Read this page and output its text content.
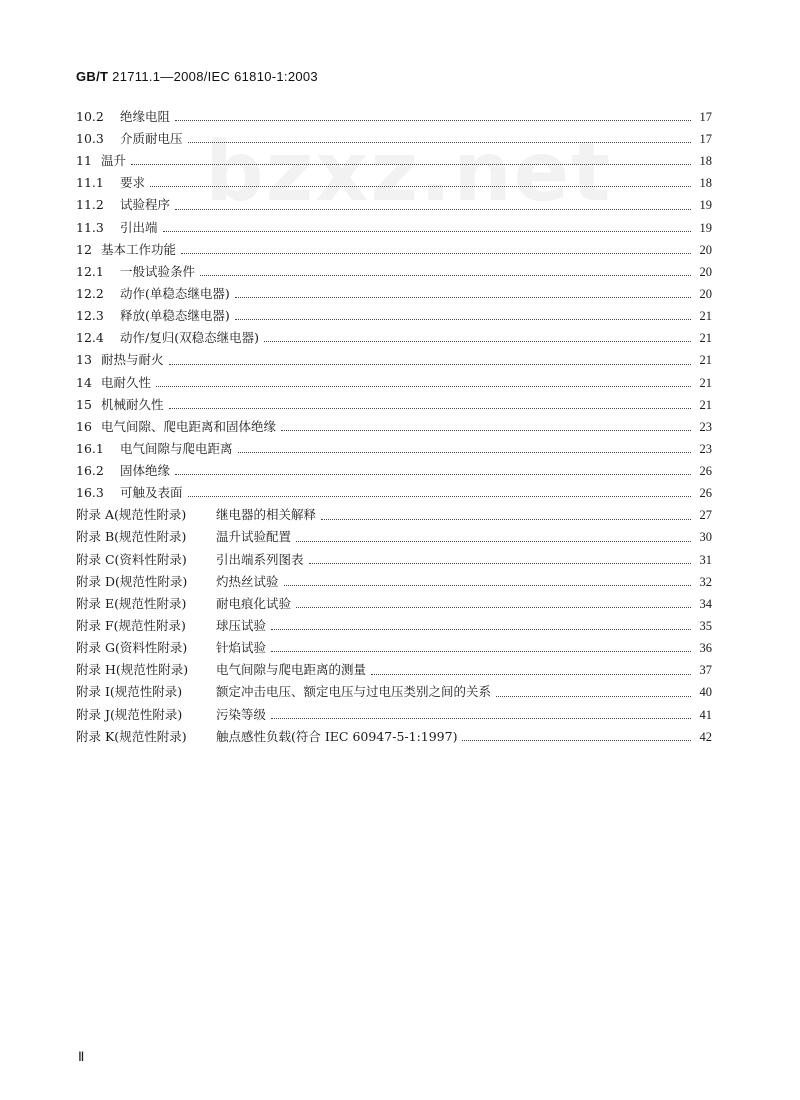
GB/T 21711.1—2008/IEC 61810-1:2003
bzxz.net
10.2	绝缘电阻	17
10.3	介质耐电压	17
11 温升	18
11.1	要求	18
11.2	试验程序	19
11.3	引出端	19
12 基本工作功能	20
12.1	一般试验条件	20
12.2	动作(单稳态继电器)	20
12.3	释放(单稳态继电器)	21
12.4	动作/复归(双稳态继电器)	21
13 耐热与耐火	21
14 电耐久性	21
15 机械耐久性	21
16 电气间隙、爬电距离和固体绝缘	23
16.1	电气间隙与爬电距离	23
16.2	固体绝缘	26
16.3	可触及表面	26
附录 A(规范性附录)	继电器的相关解释	27
附录 B(规范性附录)	温升试验配置	30
附录 C(资料性附录)	引出端系列图表	31
附录 D(规范性附录)	灼热丝试验	32
附录 E(规范性附录)	耐电痕化试验	34
附录 F(规范性附录)	球压试验	35
附录 G(资料性附录)	针焰试验	36
附录 H(规范性附录)	电气间隙与爬电距离的测量	37
附录 I(规范性附录)	额定冲击电压、额定电压与过电压类别之间的关系	40
附录 J(规范性附录)	污染等级	41
附录 K(规范性附录)	触点感性负载(符合 IEC 60947-5-1:1997)	42
Ⅱ
